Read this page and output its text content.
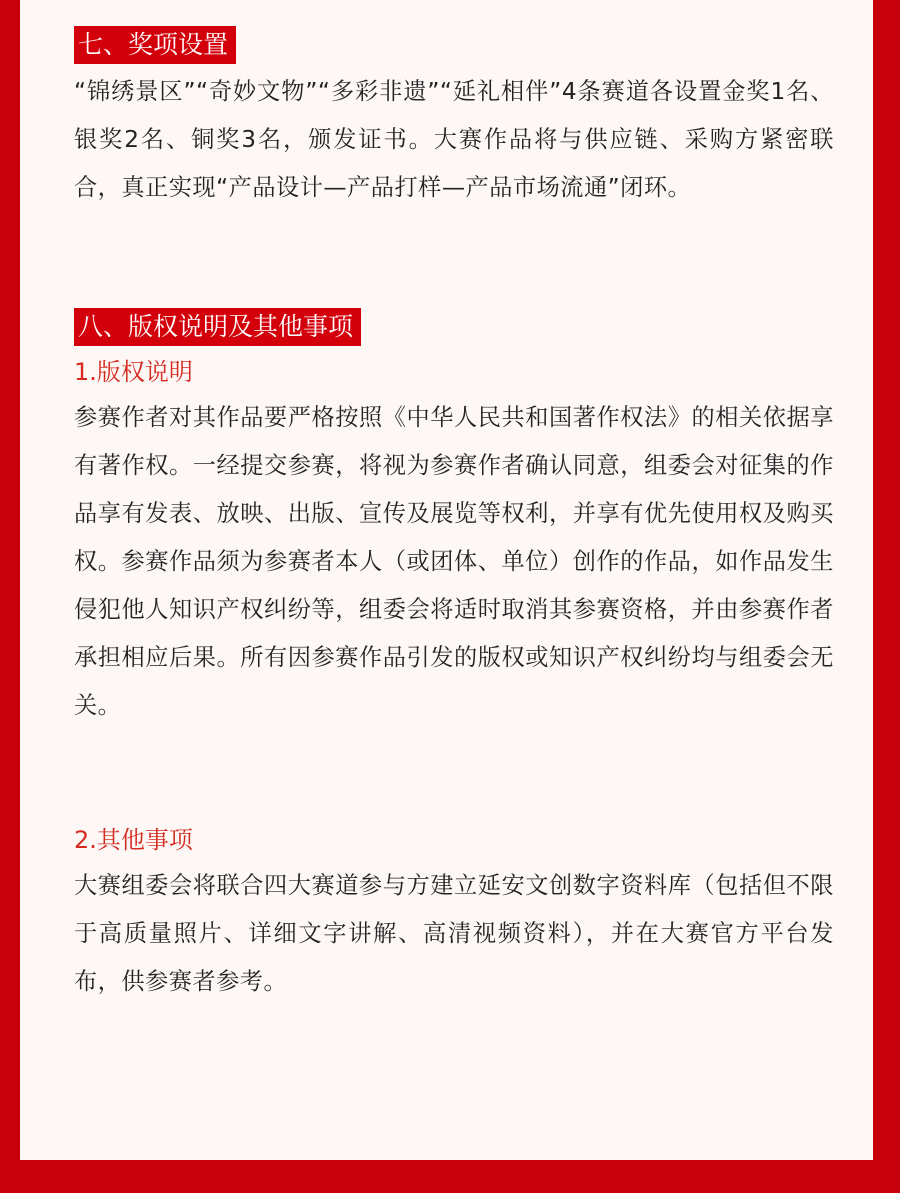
七、奖项设置

“锦绣景区”“奇妙文物”“多彩非遗”“延礼相伴”4条赛道各设置金奖1名、银奖2名、铜奖3名，颁发证书。大赛作品将与供应链、采购方紧密联合，真正实现“产品设计—产品打样—产品市场流通”闭环。

八、版权说明及其他事项

1.版权说明

参赛作者对其作品要严格按照《中华人民共和国著作权法》的相关依据享有著作权。一经提交参赛，将视为参赛作者确认同意，组委会对征集的作品享有发表、放映、出版、宣传及展览等权利，并享有优先使用权及购买权。参赛作品须为参赛者本人（或团体、单位）创作的作品，如作品发生侵犯他人知识产权纠纷等，组委会将适时取消其参赛资格，并由参赛作者承担相应后果。所有因参赛作品引发的版权或知识产权纠纷均与组委会无关。

2.其他事项

大赛组委会将联合四大赛道参与方建立延安文创数字资料库（包括但不限于高质量照片、详细文字讲解、高清视频资料），并在大赛官方平台发布，供参赛者参考。
